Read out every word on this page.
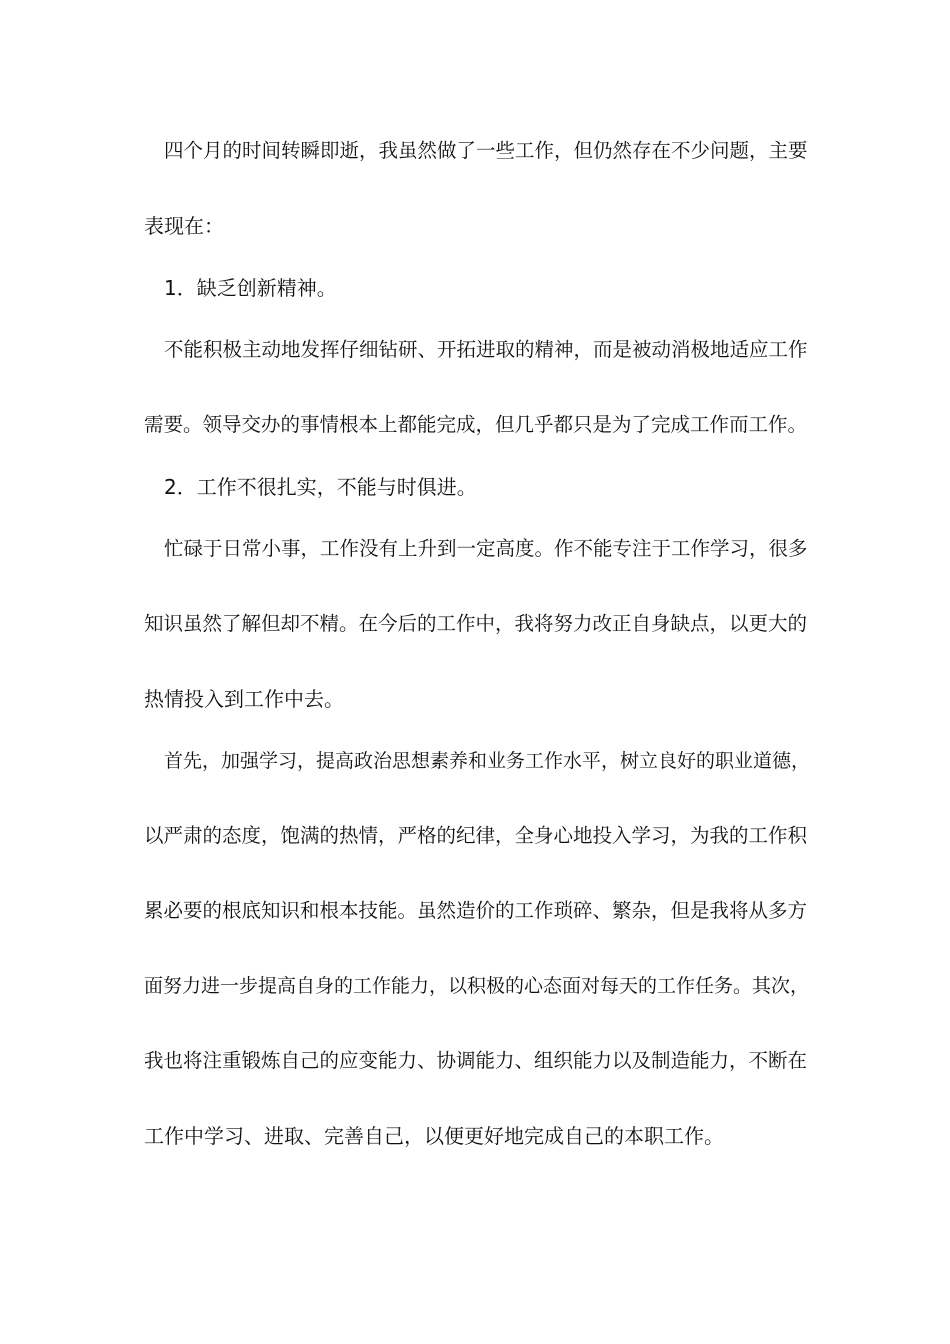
四个月的时间转瞬即逝，我虽然做了一些工作，但仍然存在不少问题，主要
表现在：
1．缺乏创新精神。
不能积极主动地发挥仔细钻研、开拓进取的精神，而是被动消极地适应工作
需要。领导交办的事情根本上都能完成，但几乎都只是为了完成工作而工作。
2．工作不很扎实，不能与时俱进。
忙碌于日常小事，工作没有上升到一定高度。作不能专注于工作学习，很多
知识虽然了解但却不精。在今后的工作中，我将努力改正自身缺点，以更大的
热情投入到工作中去。
首先，加强学习，提高政治思想素养和业务工作水平，树立良好的职业道德，
以严肃的态度，饱满的热情，严格的纪律，全身心地投入学习，为我的工作积
累必要的根底知识和根本技能。虽然造价的工作琐碎、繁杂，但是我将从多方
面努力进一步提高自身的工作能力，以积极的心态面对每天的工作任务。其次，
我也将注重锻炼自己的应变能力、协调能力、组织能力以及制造能力，不断在
工作中学习、进取、完善自己，以便更好地完成自己的本职工作。
